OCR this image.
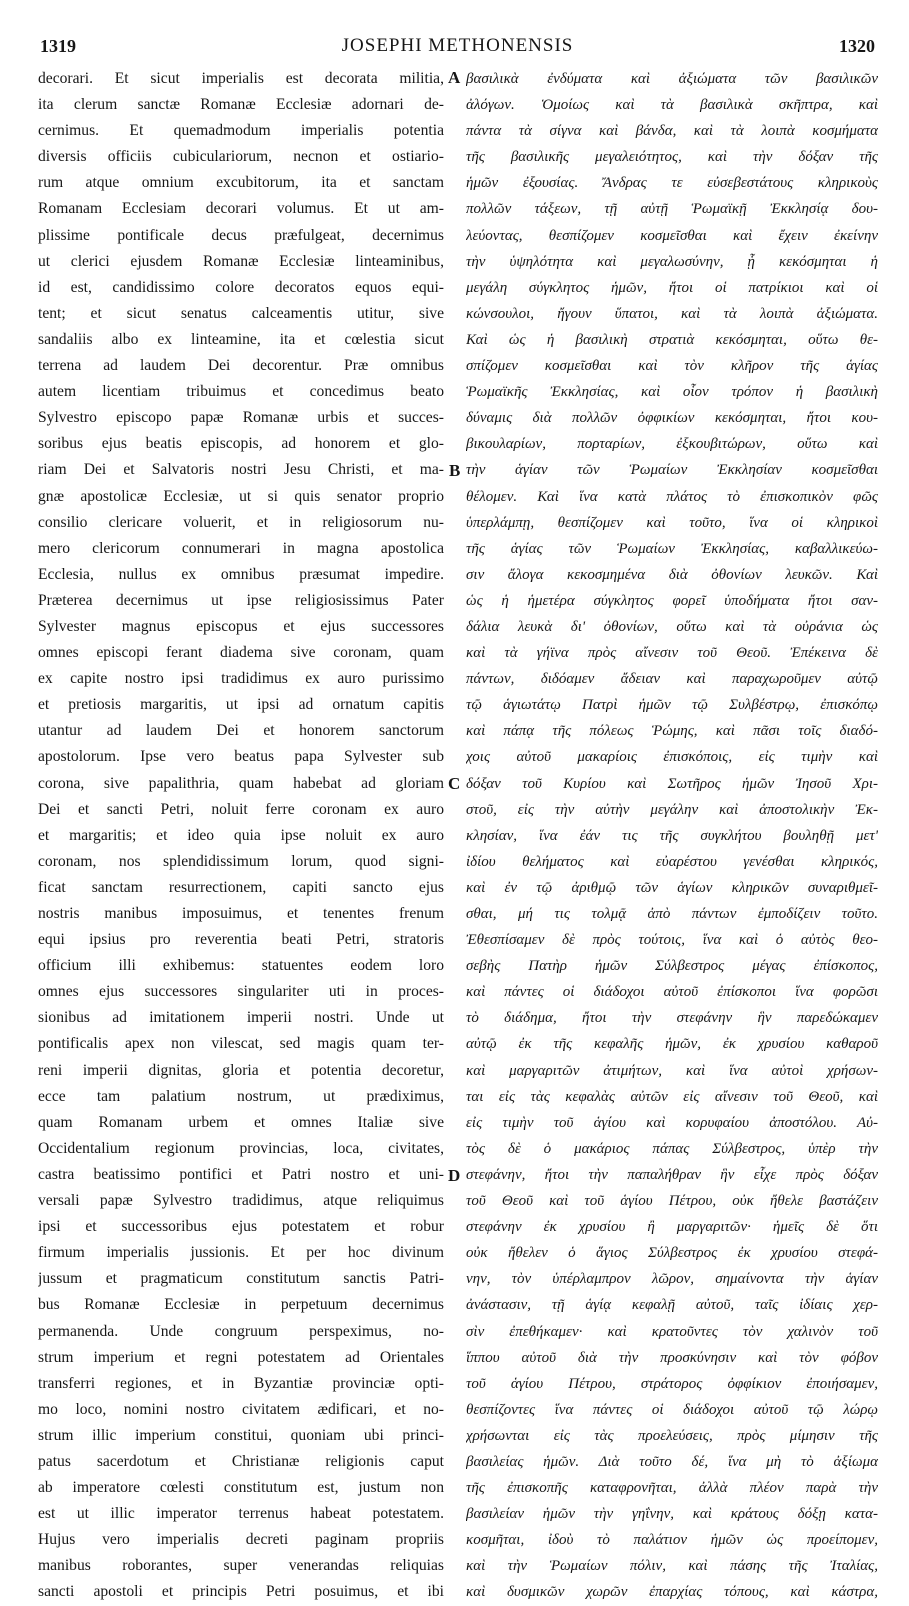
1319	JOSEPHI METHONENSIS	1320
decorari. Et sicut imperialis est decorata militia,
ita clerum sanctæ Romanæ Ecclesiæ adornari de-
cernimus. Et quemadmodum imperialis potentia
diversis officiis cubiculariorum, necnon et ostiario-
rum atque omnium excubitorum, ita et sanctam
Romanam Ecclesiam decorari volumus. Et ut am-
plissime pontificale decus præfulgeat, decernimus
ut clerici ejusdem Romanæ Ecclesiæ linteaminibus,
id est, candidissimo colore decoratos equos equi-
tent; et sicut senatus calceamentis utitur, sive
sandaliis albo ex linteamine, ita et cœlestia sicut
terrena ad laudem Dei decorentur. Præ omnibus
autem licentiam tribuimus et concedimus beato
Sylvestro episcopo papæ Romanæ urbis et succes-
soribus ejus beatis episcopis, ad honorem et glo-
riam Dei et Salvatoris nostri Jesu Christi, et ma-
gnæ apostolicæ Ecclesiæ, ut si quis senator proprio
consilio clericare voluerit, et in religiosorum nu-
mero clericorum connumerari in magna apostolica
Ecclesia, nullus ex omnibus præsumat impedire.
Præterea decernimus ut ipse religiosissimus Pater
Sylvester magnus episcopus et ejus successores
omnes episcopi ferant diadema sive coronam, quam
ex capite nostro ipsi tradidimus ex auro purissimo
et pretiosis margaritis, ut ipsi ad ornatum capitis
utantur ad laudem Dei et honorem sanctorum
apostolorum. Ipse vero beatus papa Sylvester sub
corona, sive papalithria, quam habebat ad gloriam
Dei et sancti Petri, noluit ferre coronam ex auro
et margaritis; et ideo quia ipse noluit ex auro
coronam, nos splendidissimum lorum, quod signi-
ficat sanctam resurrectionem, capiti sancto ejus
nostris manibus imposuimus, et tenentes frenum
equi ipsius pro reverentia beati Petri, stratoris
officium illi exhibemus: statuentes eodem loro
omnes ejus successores singulariter uti in proces-
sionibus ad imitationem imperii nostri. Unde ut
pontificalis apex non vilescat, sed magis quam ter-
reni imperii dignitas, gloria et potentia decoretur,
ecce tam palatium nostrum, ut prædiximus,
quam Romanam urbem et omnes Italiæ sive
Occidentalium regionum provincias, loca, civitates,
castra beatissimo pontifici et Patri nostro et uni-
versali papæ Sylvestro tradidimus, atque reliquimus
ipsi et successoribus ejus potestatem et robur
firmum imperialis jussionis. Et per hoc divinum
jussum et pragmaticum constitutum sanctis Patri-
bus Romanæ Ecclesiæ in perpetuum decernimus
permanenda. Unde congruum perspeximus, no-
strum imperium et regni potestatem ad Orientales
transferri regiones, et in Byzantiæ provinciæ opti-
mo loco, nomini nostro civitatem ædificari, et no-
strum illic imperium constitui, quoniam ubi princi-
patus sacerdotum et Christianæ religionis caput
ab imperatore cœlesti constitutum est, justum non
est ut illic imperator terrenus habeat potestatem.
Hujus vero imperialis decreti paginam propriis
manibus roborantes, super venerandas reliquias
sancti apostoli et principis Petri posuimus, et ibi
A
B
C
D
βασιλικὰ ἐνδύματα καὶ ἀξιώματα τῶν βασιλικῶν
ἀλόγων. Ὁμοίως καὶ τὰ βασιλικὰ σκῆπτρα, καὶ
πάντα τὰ σίγνα καὶ βάνδα, καὶ τὰ λοιπὰ κοσμήματα
τῆς βασιλικῆς μεγαλειότητος, καὶ τὴν δόξαν τῆς
ἡμῶν ἐξουσίας. Ἄνδρας τε εὐσεβεστάτους κληρικοὺς
πολλῶν τάξεων, τῇ αὐτῇ Ῥωμαϊκῇ Ἐκκλησίᾳ δου-
λεύοντας, θεσπίζομεν κοσμεῖσθαι καὶ ἔχειν ἐκείνην
τὴν ὑψηλότητα καὶ μεγαλωσύνην, ᾗ κεκόσμηται ἡ
μεγάλη σύγκλητος ἡμῶν, ἤτοι οἱ πατρίκιοι καὶ οἱ
κώνσουλοι, ἤγουν ὕπατοι, καὶ τὰ λοιπὰ ἀξιώματα.
Καὶ ὡς ἡ βασιλικὴ στρατιὰ κεκόσμηται, οὕτω θε-
σπίζομεν κοσμεῖσθαι καὶ τὸν κλῆρον τῆς ἁγίας
Ῥωμαϊκῆς Ἐκκλησίας, καὶ οἷον τρόπον ἡ βασιλικὴ
δύναμις διὰ πολλῶν ὀφφικίων κεκόσμηται, ἤτοι κου-
βικουλαρίων, πορταρίων, ἐξκουβιτώρων, οὕτω καὶ
τὴν ἁγίαν τῶν Ῥωμαίων Ἐκκλησίαν κοσμεῖσθαι
θέλομεν. Καὶ ἵνα κατὰ πλάτος τὸ ἐπισκοπικὸν φῶς
ὑπερλάμπῃ, θεσπίζομεν καὶ τοῦτο, ἵνα οἱ κληρικοὶ
τῆς ἁγίας τῶν Ῥωμαίων Ἐκκλησίας, καβαλλικεύω-
σιν ἄλογα κεκοσμημένα διὰ ὀθονίων λευκῶν. Καὶ
ὡς ἡ ἡμετέρα σύγκλητος φορεῖ ὑποδήματα ἤτοι σαν-
δάλια λευκὰ δι' ὀθονίων, οὕτω καὶ τὰ οὐράνια ὡς
καὶ τὰ γήϊνα πρὸς αἴνεσιν τοῦ Θεοῦ. Ἐπέκεινα δὲ
πάντων, διδόαμεν ἄδειαν καὶ παραχωροῦμεν αὐτῷ
τῷ ἁγιωτάτῳ Πατρὶ ἡμῶν τῷ Συλβέστρῳ, ἐπισκόπῳ
καὶ πάπᾳ τῆς πόλεως Ῥώμης, καὶ πᾶσι τοῖς διαδό-
χοις αὐτοῦ μακαρίοις ἐπισκόποις, εἰς τιμὴν καὶ
δόξαν τοῦ Κυρίου καὶ Σωτῆρος ἡμῶν Ἰησοῦ Χρι-
στοῦ, εἰς τὴν αὐτὴν μεγάλην καὶ ἀποστολικὴν Ἐκ-
κλησίαν, ἵνα ἐάν τις τῆς συγκλήτου βουληθῇ μετ'
ἰδίου θελήματος καὶ εὐαρέστου γενέσθαι κληρικός,
καὶ ἐν τῷ ἀριθμῷ τῶν ἁγίων κληρικῶν συναριθμεῖ-
σθαι, μή τις τολμᾷ ἀπὸ πάντων ἐμποδίζειν τοῦτο.
Ἐθεσπίσαμεν δὲ πρὸς τούτοις, ἵνα καὶ ὁ αὐτὸς θεο-
σεβὴς Πατὴρ ἡμῶν Σύλβεστρος μέγας ἐπίσκοπος,
καὶ πάντες οἱ διάδοχοι αὐτοῦ ἐπίσκοποι ἵνα φορῶσι
τὸ διάδημα, ἤτοι τὴν στεφάνην ἣν παρεδώκαμεν
αὐτῷ ἐκ τῆς κεφαλῆς ἡμῶν, ἐκ χρυσίου καθαροῦ
καὶ μαργαριτῶν ἀτιμήτων, καὶ ἵνα αὐτοὶ χρήσων-
ται εἰς τὰς κεφαλὰς αὐτῶν εἰς αἴνεσιν τοῦ Θεοῦ, καὶ
εἰς τιμὴν τοῦ ἁγίου καὶ κορυφαίου ἀποστόλου. Αὐ-
τὸς δὲ ὁ μακάριος πάπας Σύλβεστρος, ὑπὲρ τὴν
στεφάνην, ἤτοι τὴν παπαλήθραν ἣν εἶχε πρὸς δόξαν
τοῦ Θεοῦ καὶ τοῦ ἁγίου Πέτρου, οὐκ ἤθελε βαστάζειν
στεφάνην ἐκ χρυσίου ἢ μαργαριτῶν· ἡμεῖς δὲ ὅτι
οὐκ ἤθελεν ὁ ἅγιος Σύλβεστρος ἐκ χρυσίου στεφά-
νην, τὸν ὑπέρλαμπρον λῶρον, σημαίνοντα τὴν ἁγίαν
ἀνάστασιν, τῇ ἁγίᾳ κεφαλῇ αὐτοῦ, ταῖς ἰδίαις χερ-
σὶν ἐπεθήκαμεν· καὶ κρατοῦντες τὸν χαλινὸν τοῦ
ἵππου αὐτοῦ διὰ τὴν προσκύνησιν καὶ τὸν φόβον
τοῦ ἁγίου Πέτρου, στράτορος ὀφφίκιον ἐποιήσαμεν,
θεσπίζοντες ἵνα πάντες οἱ διάδοχοι αὐτοῦ τῷ λώρῳ
χρήσωνται εἰς τὰς προελεύσεις, πρὸς μίμησιν τῆς
βασιλείας ἡμῶν. Διὰ τοῦτο δέ, ἵνα μὴ τὸ ἀξίωμα
τῆς ἐπισκοπῆς καταφρονῆται, ἀλλὰ πλέον παρὰ τὴν
βασιλείαν ἡμῶν τὴν γηΐνην, καὶ κράτους δόξῃ κατα-
κοσμῆται, ἰδοὺ τὸ παλάτιον ἡμῶν ὡς προείπομεν,
καὶ τὴν Ῥωμαίων πόλιν, καὶ πάσης τῆς Ἰταλίας,
καὶ δυσμικῶν χωρῶν ἐπαρχίας τόπους, καὶ κάστρα,
